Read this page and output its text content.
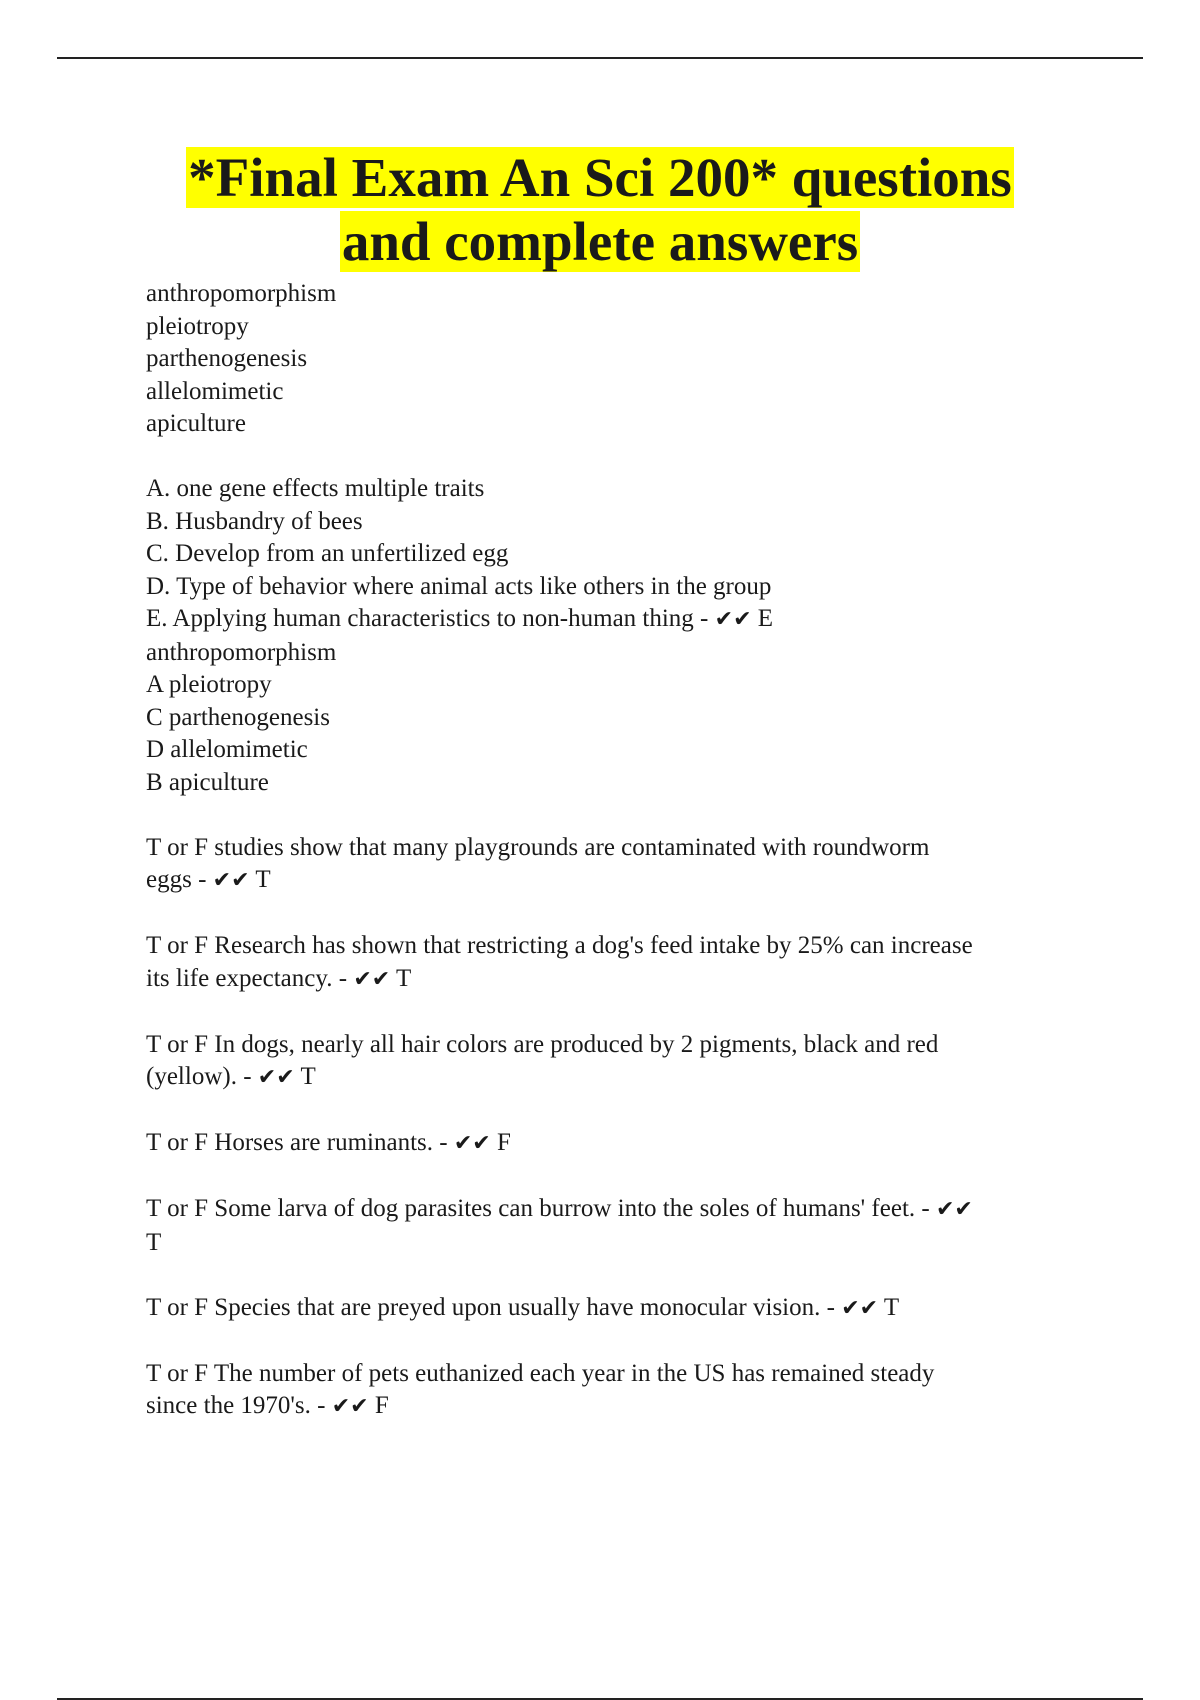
*Final Exam An Sci 200* questions
and complete answers
anthropomorphism
pleiotropy
parthenogenesis
allelomimetic
apiculture
A. one gene effects multiple traits
B. Husbandry of bees
C. Develop from an unfertilized egg
D. Type of behavior where animal acts like others in the group
E. Applying human characteristics to non-human thing - ✔✔ E
anthropomorphism
A pleiotropy
C parthenogenesis
D allelomimetic
B apiculture
T or F studies show that many playgrounds are contaminated with roundworm
eggs - ✔✔ T
T or F Research has shown that restricting a dog's feed intake by 25% can increase
its life expectancy. - ✔✔ T
T or F In dogs, nearly all hair colors are produced by 2 pigments, black and red
(yellow). - ✔✔ T
T or F Horses are ruminants. - ✔✔ F
T or F Some larva of dog parasites can burrow into the soles of humans' feet. - ✔✔
T
T or F Species that are preyed upon usually have monocular vision. - ✔✔ T
T or F The number of pets euthanized each year in the US has remained steady
since the 1970's. - ✔✔ F
